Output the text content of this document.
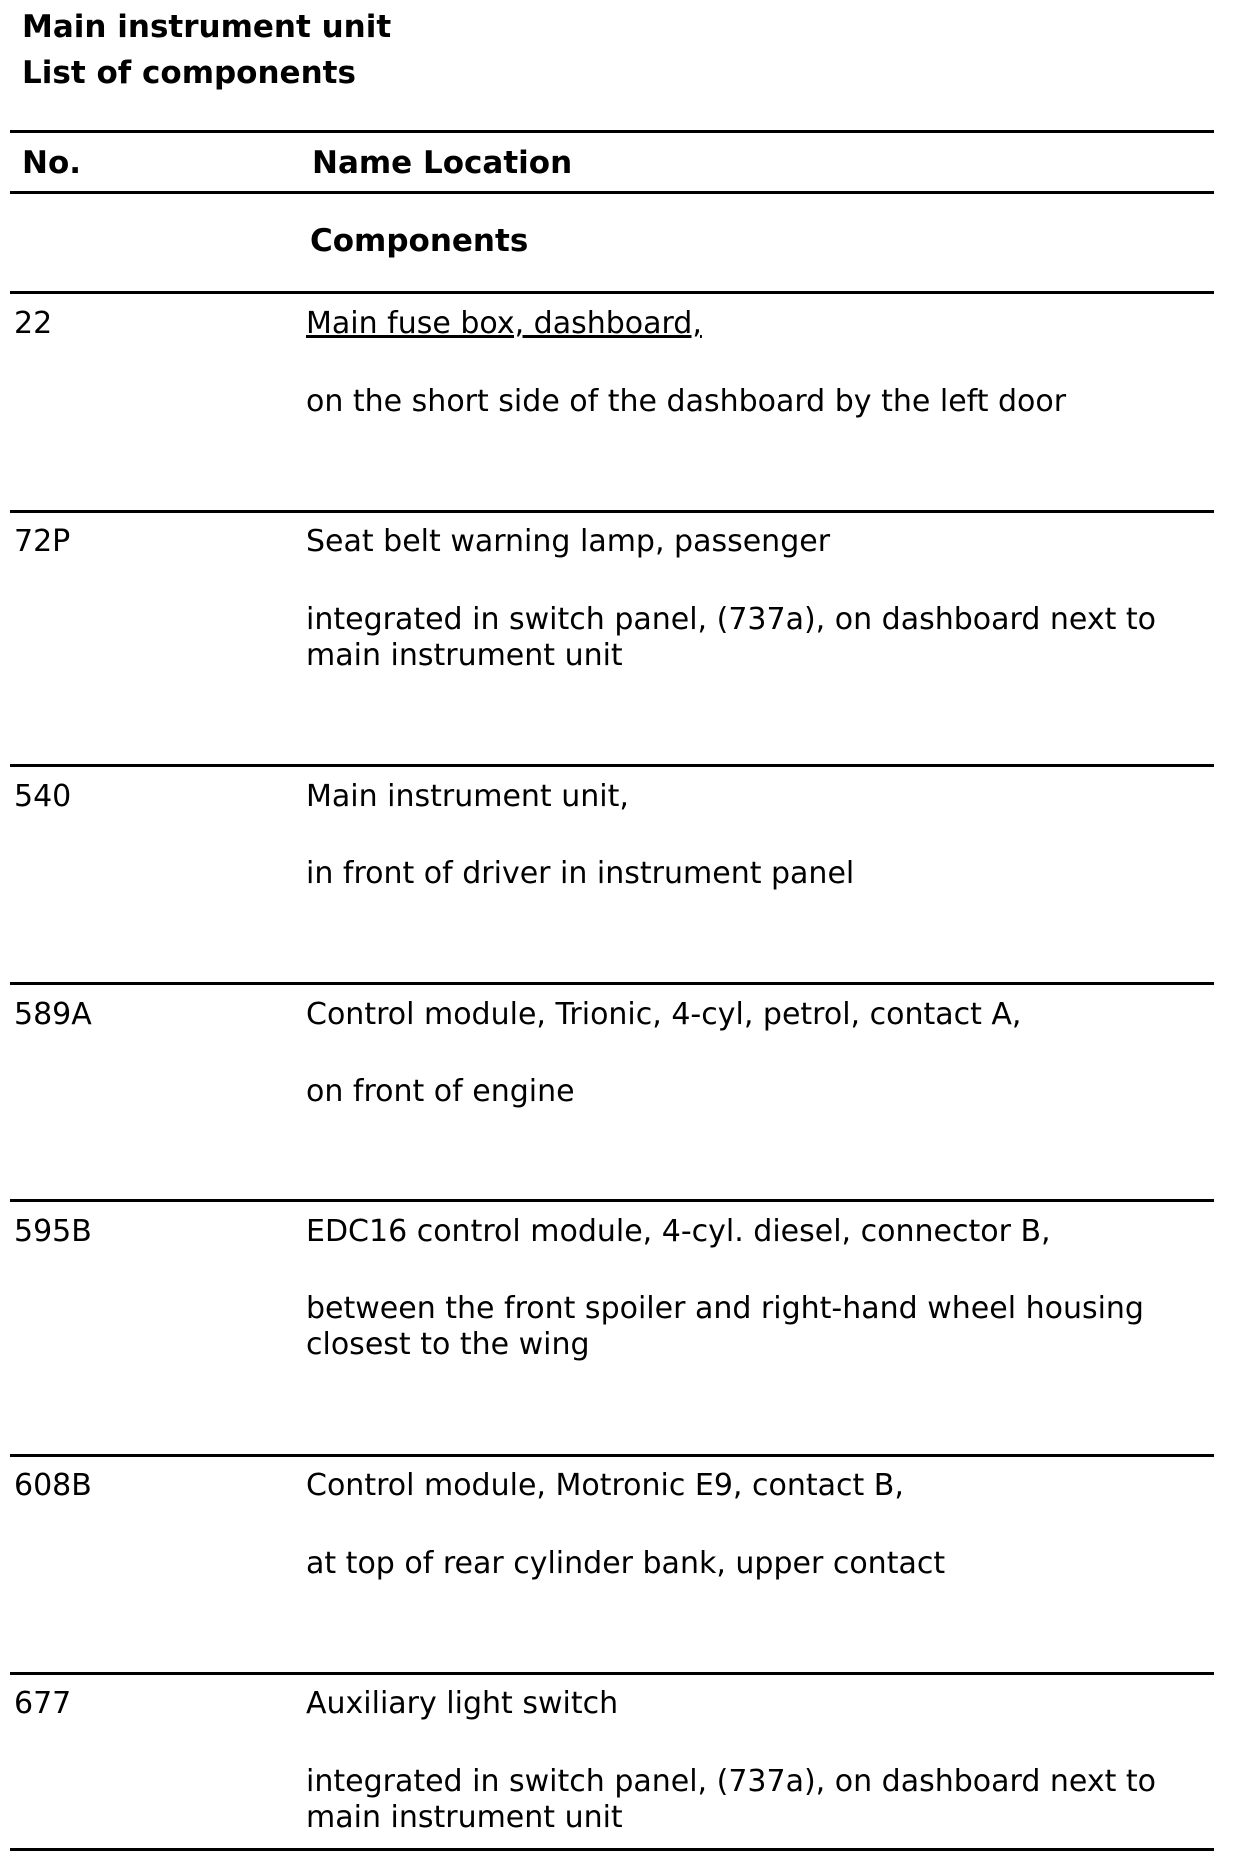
Main instrument unit
List of components
No.	Name Location
Components
22	Main fuse box, dashboard,
on the short side of the dashboard by the left door
72P	Seat belt warning lamp, passenger
integrated in switch panel, (737a), on dashboard next to main instrument unit
540	Main instrument unit,
in front of driver in instrument panel
589A	Control module, Trionic, 4-cyl, petrol, contact A,
on front of engine
595B	EDC16 control module, 4-cyl. diesel, connector B,
between the front spoiler and right-hand wheel housing closest to the wing
608B	Control module, Motronic E9, contact B,
at top of rear cylinder bank, upper contact
677	Auxiliary light switch
integrated in switch panel, (737a), on dashboard next to main instrument unit
